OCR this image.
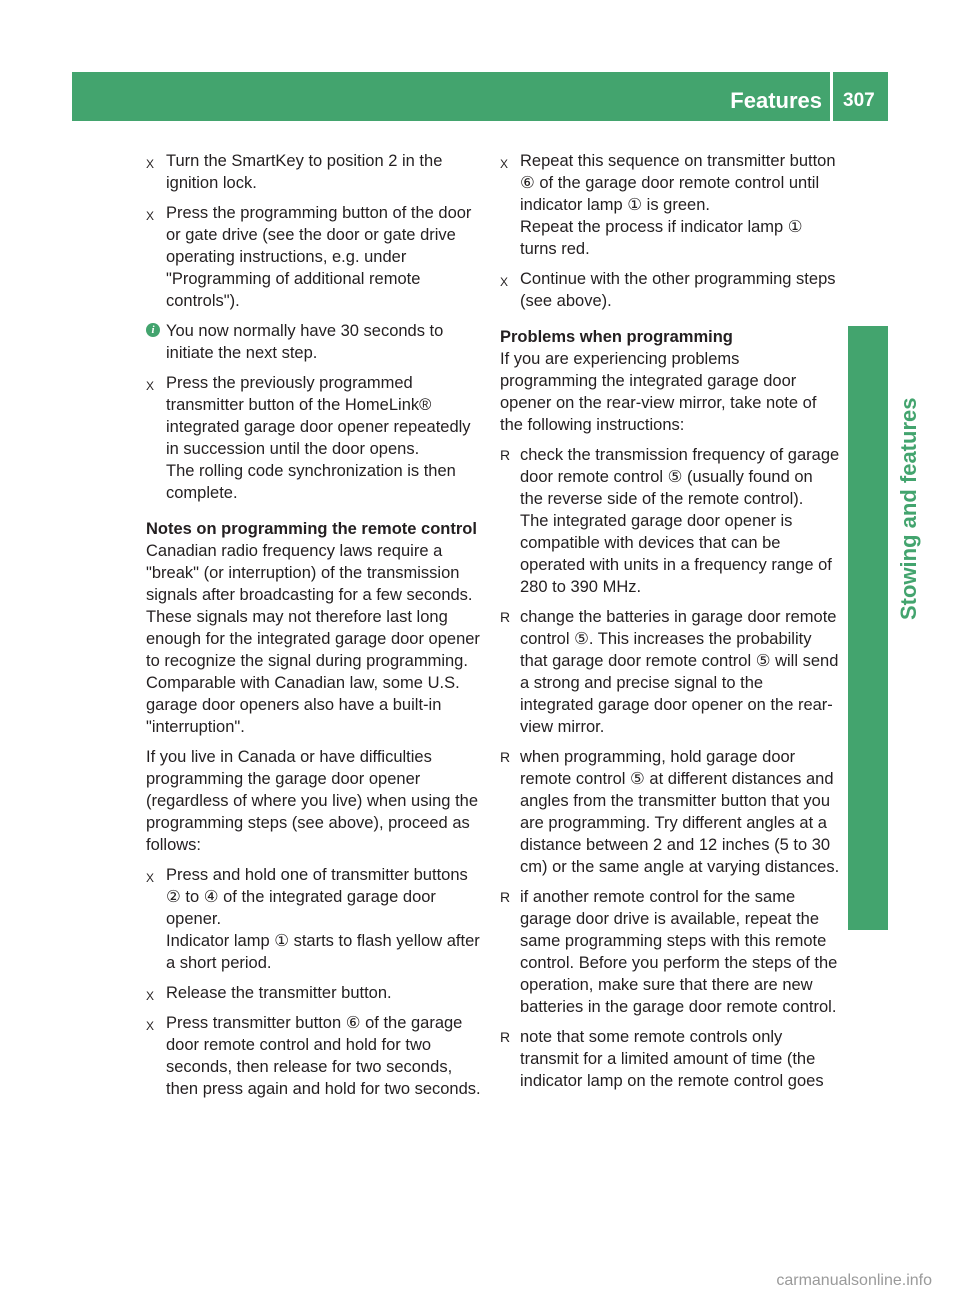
Features 307
Stowing and features
X Turn the SmartKey to position 2 in the ignition lock.
X Press the programming button of the door or gate drive (see the door or gate drive operating instructions, e.g. under "Programming of additional remote controls").
i You now normally have 30 seconds to initiate the next step.
X Press the previously programmed transmitter button of the HomeLink® integrated garage door opener repeatedly in succession until the door opens.
The rolling code synchronization is then complete.

Notes on programming the remote control

Canadian radio frequency laws require a "break" (or interruption) of the transmission signals after broadcasting for a few seconds. These signals may not therefore last long enough for the integrated garage door opener to recognize the signal during programming. Comparable with Canadian law, some U.S. garage door openers also have a built-in "interruption".

If you live in Canada or have difficulties programming the garage door opener (regardless of where you live) when using the programming steps (see above), proceed as follows:

X Press and hold one of transmitter buttons ② to ④ of the integrated garage door opener.
Indicator lamp ① starts to flash yellow after a short period.
X Release the transmitter button.
X Press transmitter button ⑥ of the garage door remote control and hold for two seconds, then release for two seconds, then press again and hold for two seconds.
X Repeat this sequence on transmitter button ⑥ of the garage door remote control until indicator lamp ① is green.
Repeat the process if indicator lamp ① turns red.
X Continue with the other programming steps (see above).

Problems when programming

If you are experiencing problems programming the integrated garage door opener on the rear-view mirror, take note of the following instructions:

R check the transmission frequency of garage door remote control ⑤ (usually found on the reverse side of the remote control).
The integrated garage door opener is compatible with devices that can be operated with units in a frequency range of 280 to 390 MHz.
R change the batteries in garage door remote control ⑤. This increases the probability that garage door remote control ⑤ will send a strong and precise signal to the integrated garage door opener on the rear-view mirror.
R when programming, hold garage door remote control ⑤ at different distances and angles from the transmitter button that you are programming. Try different angles at a distance between 2 and 12 inches (5 to 30 cm) or the same angle at varying distances.
R if another remote control for the same garage door drive is available, repeat the same programming steps with this remote control. Before you perform the steps of the operation, make sure that there are new batteries in the garage door remote control.
R note that some remote controls only transmit for a limited amount of time (the indicator lamp on the remote control goes
carmanualsonline.info
